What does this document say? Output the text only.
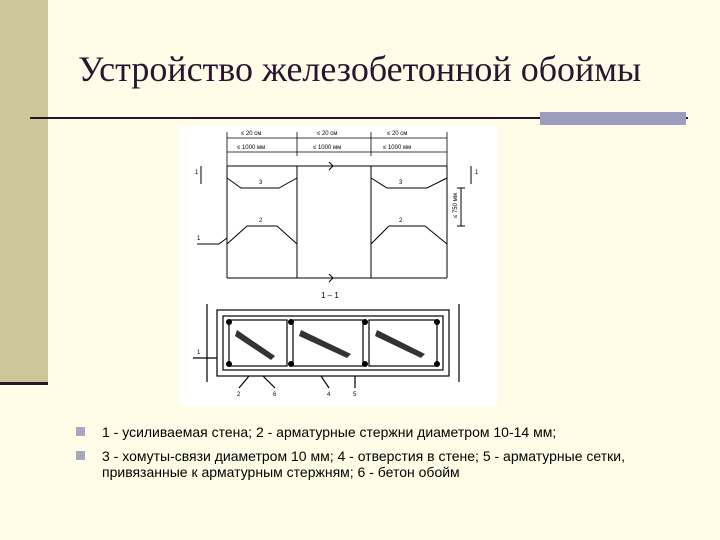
Устройство железобетонной обоймы
≤ 20 см	≤ 20 см	≤ 20 см
≤ 1000 мм	≤ 1000 мм	≤ 1000 мм
1	1
3
2
3
2
1
≤ 750 мм
1 – 1
1
2	6	4	5
1 - усиливаемая стена; 2 - арматурные стержни диаметром 10-14 мм;
3 - хомуты-связи диаметром 10 мм; 4 - отверстия в стене; 5 - арматурные сетки, привязанные к арматурным стержням; 6 - бетон обойм
